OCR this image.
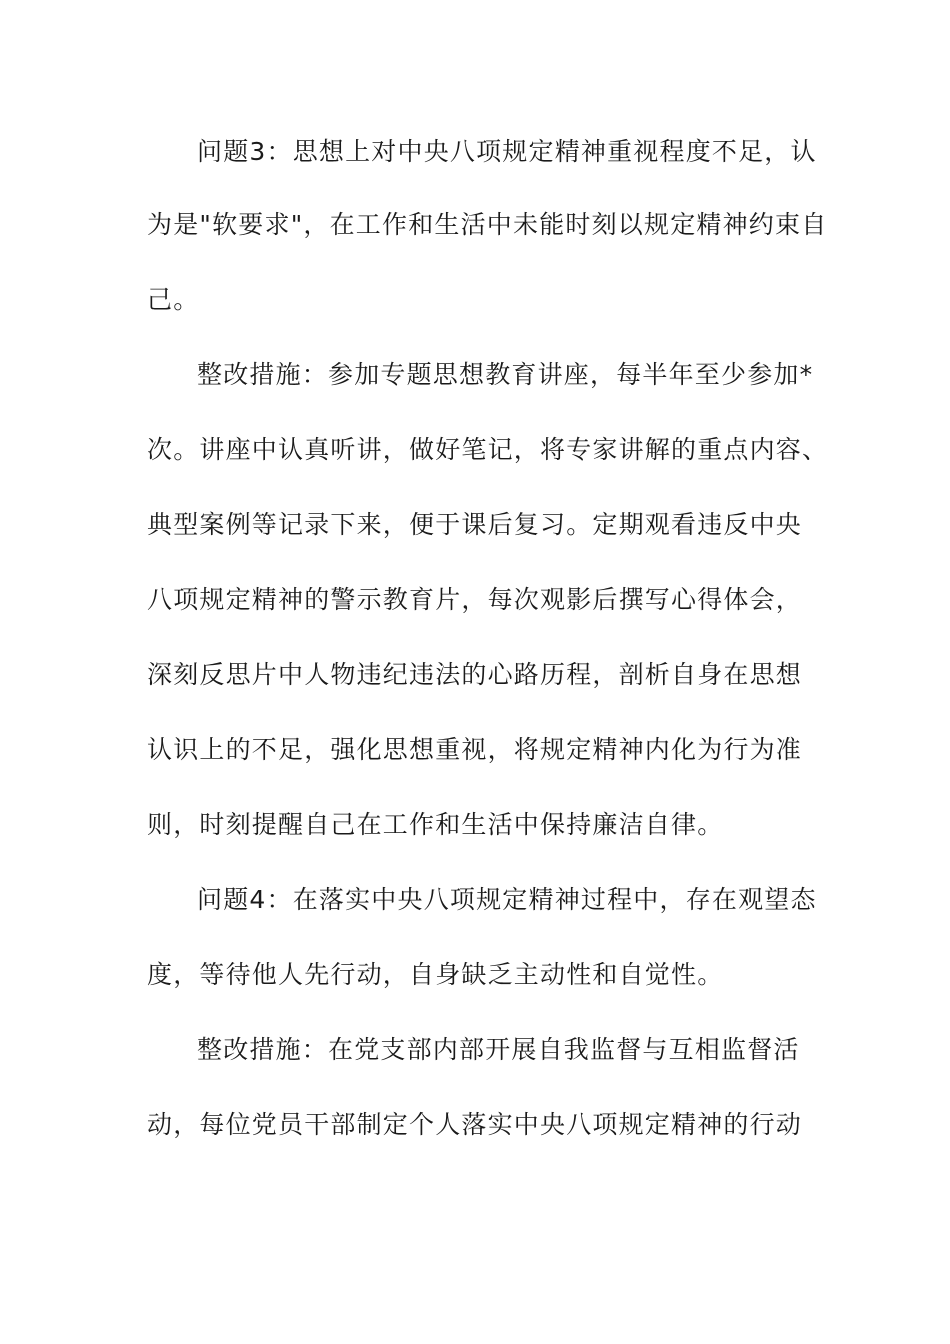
问题3：思想上对中央八项规定精神重视程度不足，认
为是"软要求"，在工作和生活中未能时刻以规定精神约束自
己。
整改措施：参加专题思想教育讲座，每半年至少参加*
次。讲座中认真听讲，做好笔记，将专家讲解的重点内容、
典型案例等记录下来，便于课后复习。定期观看违反中央
八项规定精神的警示教育片，每次观影后撰写心得体会，
深刻反思片中人物违纪违法的心路历程，剖析自身在思想
认识上的不足，强化思想重视，将规定精神内化为行为准
则，时刻提醒自己在工作和生活中保持廉洁自律。
问题4：在落实中央八项规定精神过程中，存在观望态
度，等待他人先行动，自身缺乏主动性和自觉性。
整改措施：在党支部内部开展自我监督与互相监督活
动，每位党员干部制定个人落实中央八项规定精神的行动
